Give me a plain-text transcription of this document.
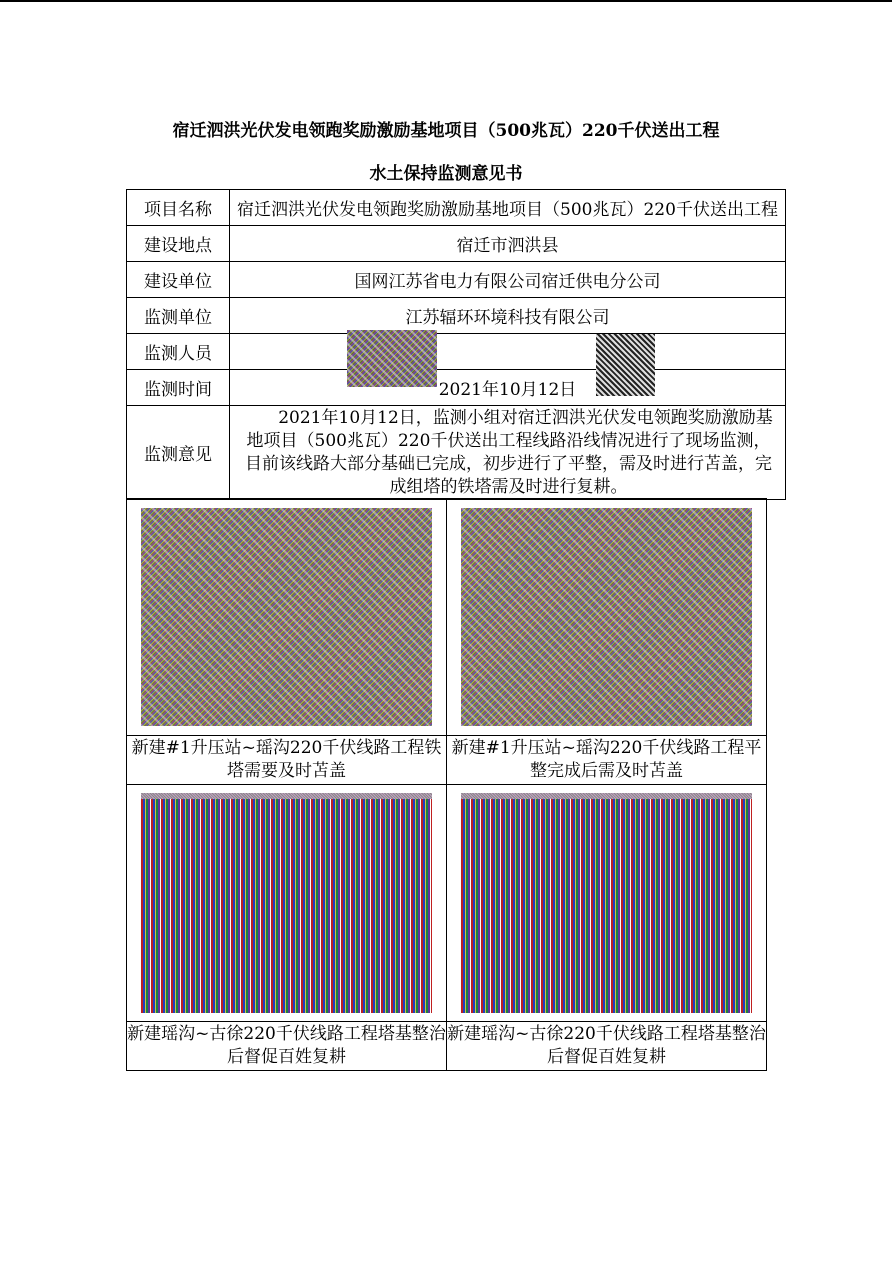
宿迁泗洪光伏发电领跑奖励激励基地项目（500兆瓦）220千伏送出工程
水土保持监测意见书
项目名称	宿迁泗洪光伏发电领跑奖励激励基地项目（500兆瓦）220千伏送出工程
建设地点	宿迁市泗洪县
建设单位	国网江苏省电力有限公司宿迁供电分公司
监测单位	江苏辐环环境科技有限公司
监测人员	
监测时间	2021年10月12日
监测意见	2021年10月12日，监测小组对宿迁泗洪光伏发电领跑奖励激励基地项目（500兆瓦）220千伏送出工程线路沿线情况进行了现场监测，目前该线路大部分基础已完成，初步进行了平整，需及时进行苫盖，完成组塔的铁塔需及时进行复耕。

新建#1升压站~瑶沟220千伏线路工程铁塔需要及时苫盖	新建#1升压站~瑶沟220千伏线路工程平整完成后需及时苫盖

新建瑶沟~古徐220千伏线路工程塔基整治后督促百姓复耕	新建瑶沟~古徐220千伏线路工程塔基整治后督促百姓复耕
